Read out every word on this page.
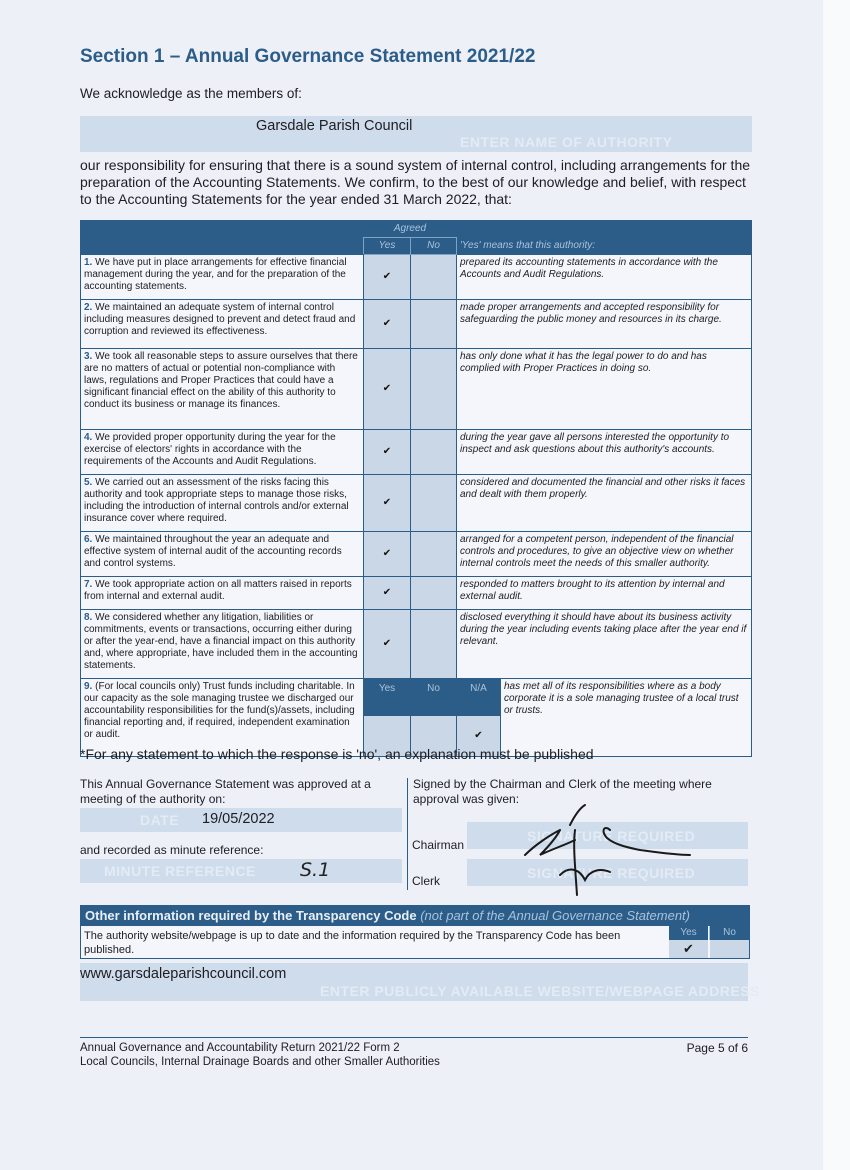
Section 1 – Annual Governance Statement 2021/22
We acknowledge as the members of:
Garsdale Parish Council
ENTER NAME OF AUTHORITY
our responsibility for ensuring that there is a sound system of internal control, including arrangements for the preparation of the Accounting Statements. We confirm, to the best of our knowledge and belief, with respect to the Accounting Statements for the year ended 31 March 2022, that:
	Agreed			
	Yes	No	'Yes' means that this authority:	
1. We have put in place arrangements for effective financial management during the year, and for the preparation of the accounting statements.	✔		prepared its accounting statements in accordance with the Accounts and Audit Regulations.	
2. We maintained an adequate system of internal control including measures designed to prevent and detect fraud and corruption and reviewed its effectiveness.	✔		made proper arrangements and accepted responsibility for safeguarding the public money and resources in its charge.	
3. We took all reasonable steps to assure ourselves that there are no matters of actual or potential non-compliance with laws, regulations and Proper Practices that could have a significant financial effect on the ability of this authority to conduct its business or manage its finances.	✔		has only done what it has the legal power to do and has complied with Proper Practices in doing so.	
4. We provided proper opportunity during the year for the exercise of electors' rights in accordance with the requirements of the Accounts and Audit Regulations.	✔		during the year gave all persons interested the opportunity to inspect and ask questions about this authority's accounts.	
5. We carried out an assessment of the risks facing this authority and took appropriate steps to manage those risks, including the introduction of internal controls and/or external insurance cover where required.	✔		considered and documented the financial and other risks it faces and dealt with them properly.	
6. We maintained throughout the year an adequate and effective system of internal audit of the accounting records and control systems.	✔		arranged for a competent person, independent of the financial controls and procedures, to give an objective view on whether internal controls meet the needs of this smaller authority.	
7. We took appropriate action on all matters raised in reports from internal and external audit.	✔		responded to matters brought to its attention by internal and external audit.	
8. We considered whether any litigation, liabilities or commitments, events or transactions, occurring either during or after the year-end, have a financial impact on this authority and, where appropriate, have included them in the accounting statements.	✔		disclosed everything it should have about its business activity during the year including events taking place after the year end if relevant.	
9. (For local councils only) Trust funds including charitable. In our capacity as the sole managing trustee we discharged our accountability responsibilities for the fund(s)/assets, including financial reporting and, if required, independent examination or audit.	Yes	No	N/A	has met all of its responsibilities where as a body corporate it is a sole managing trustee of a local trust or trusts.
			✔	
*For any statement to which the response is 'no', an explanation must be published
This Annual Governance Statement was approved at a meeting of the authority on:
Signed by the Chairman and Clerk of the meeting where approval was given:
DATE 19/05/2022
and recorded as minute reference:
MINUTE REFERENCE S.1
Chairman
SIGNATURE REQUIRED
Clerk	SIGNATURE REQUIRED
Other information required by the Transparency Code (not part of the Annual Governance Statement)
The authority website/webpage is up to date and the information required by the Transparency Code has been published.
Yes	No
✔
www.garsdaleparishcouncil.com
ENTER PUBLICLY AVAILABLE WEBSITE/WEBPAGE ADDRESS
Annual Governance and Accountability Return 2021/22 Form 2
Local Councils, Internal Drainage Boards and other Smaller Authorities
Page 5 of 6
